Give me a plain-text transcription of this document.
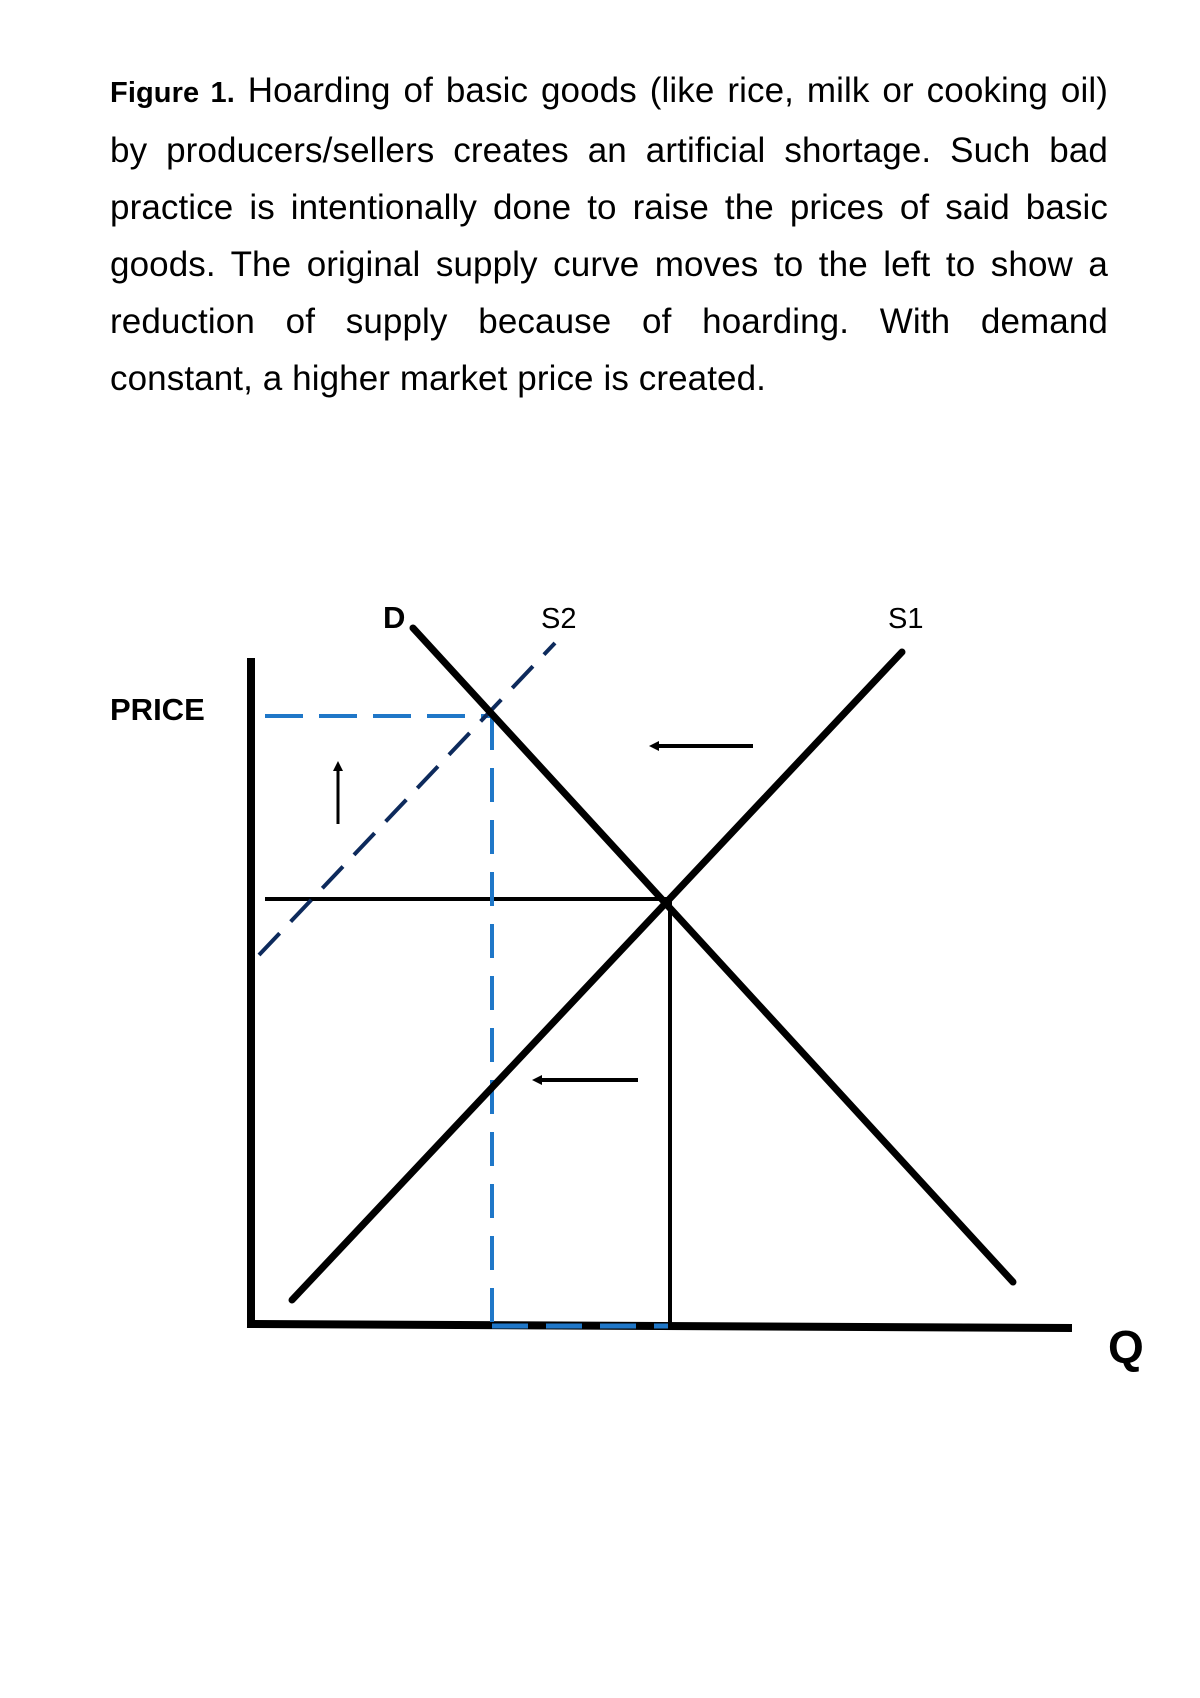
Figure 1. Hoarding of basic goods (like rice, milk or cooking oil) by producers/sellers creates an artificial shortage. Such bad practice is intentionally done to raise the prices of said basic goods. The original supply curve moves to the left to show a reduction of supply because of hoarding. With demand constant, a higher market price is created.
PRICE
Q
D	S2	S1
